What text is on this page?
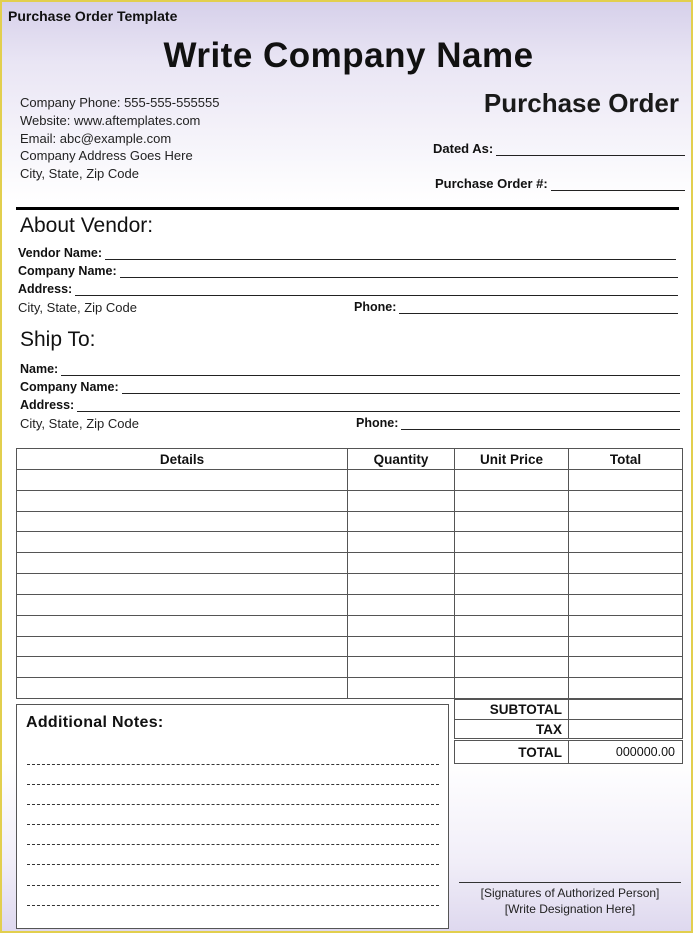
Purchase Order Template
Write Company Name
Purchase Order
Company Phone: 555-555-555555
Website: www.aftemplates.com
Email: abc@example.com
Company Address Goes Here
City, State, Zip Code
Dated As:
Purchase Order #:
About Vendor:
Vendor Name:
Company Name:
Address:
City, State, Zip Code	Phone:
Ship To:
Name:
Company Name:
Address:
City, State, Zip Code	Phone:
Details	Quantity	Unit Price	Total

SUBTOTAL	
TAX	
TOTAL	000000.00
Additional Notes:
[Signatures of Authorized Person]
[Write Designation Here]
